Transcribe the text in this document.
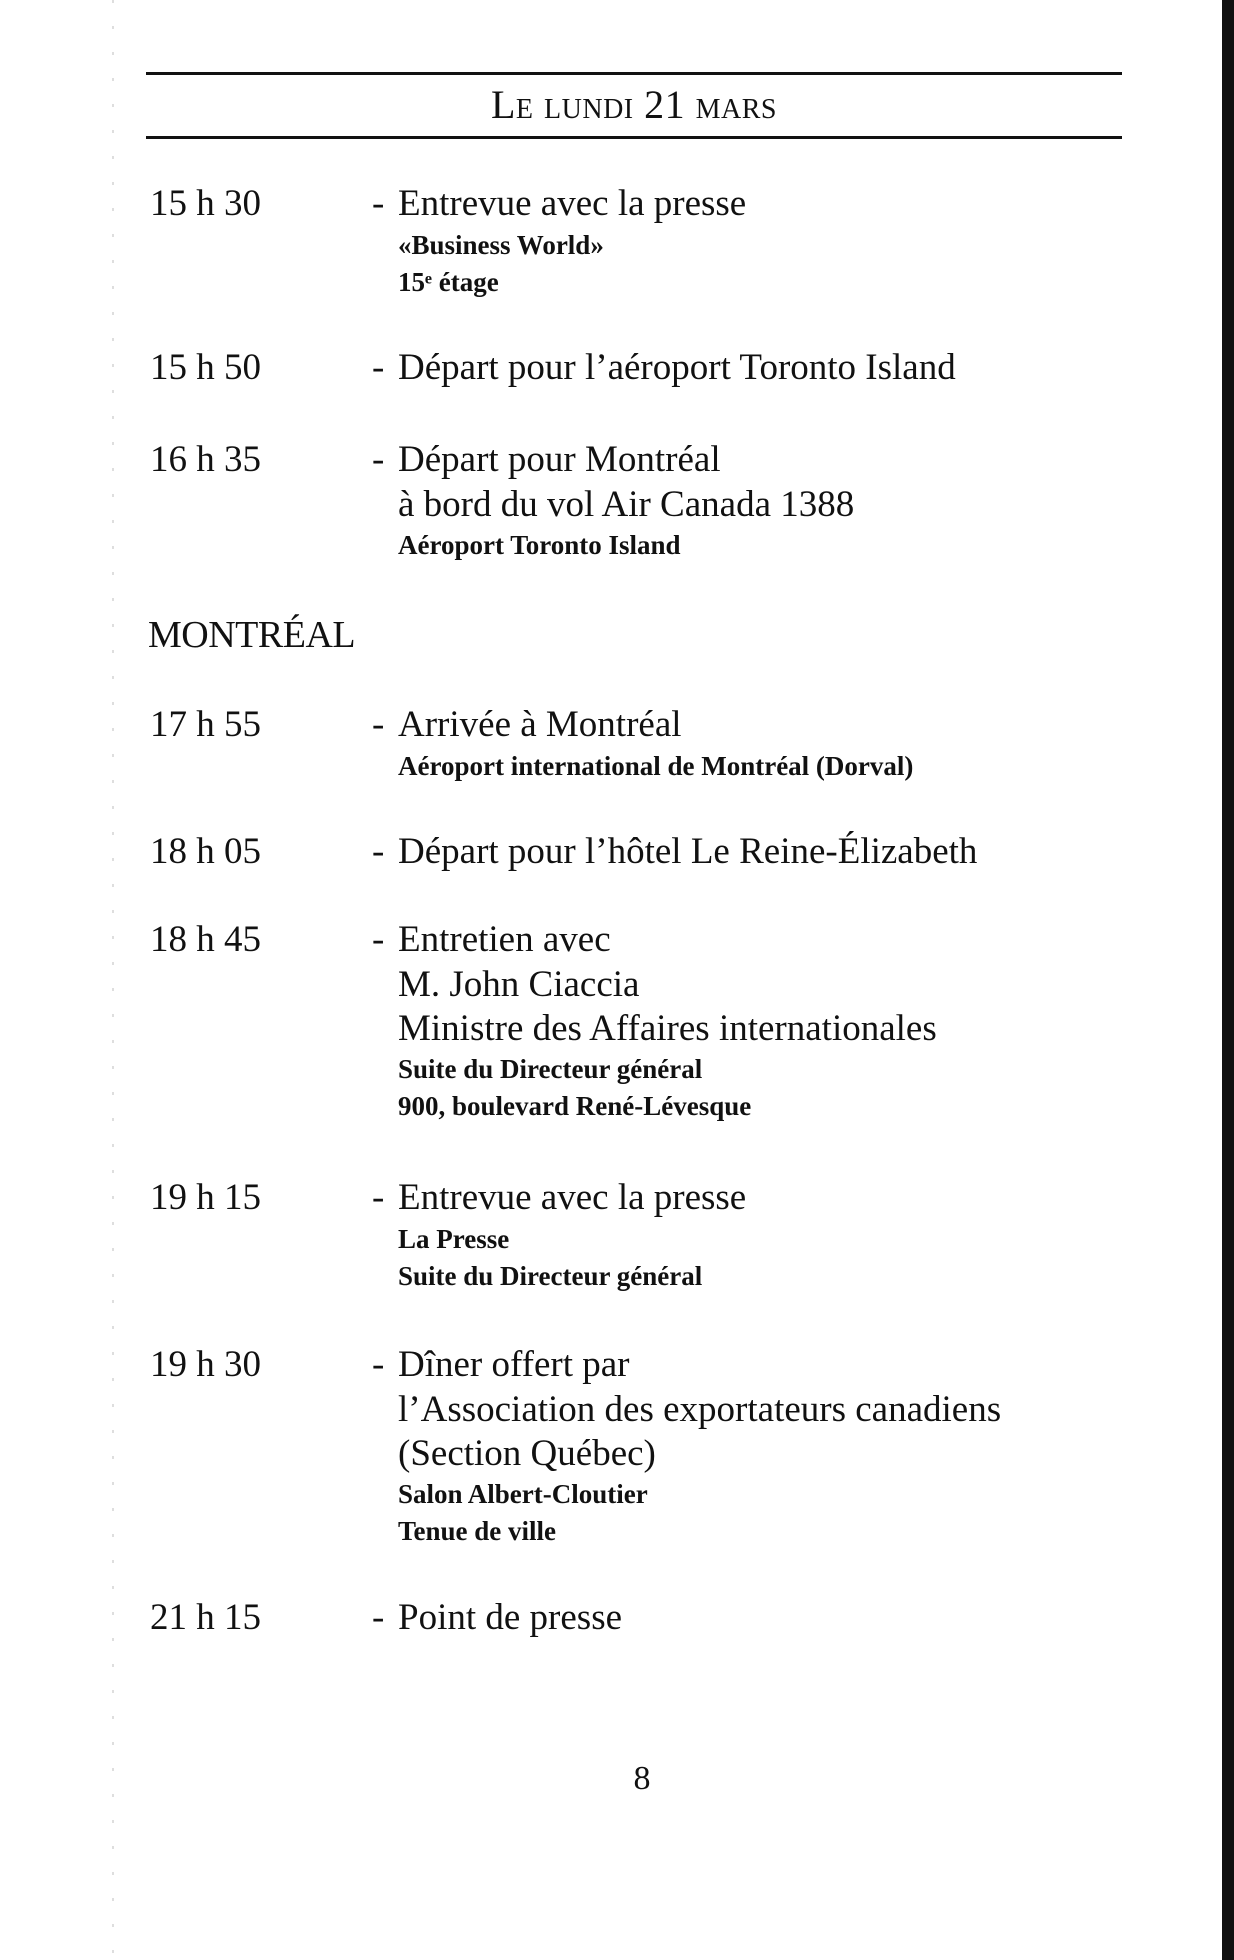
Le lundi 21 mars
15 h 30	- Entrevue avec la presse
«Business World»
15ᵉ étage
15 h 50	- Départ pour l’aéroport Toronto Island
16 h 35	- Départ pour Montréal
à bord du vol Air Canada 1388
Aéroport Toronto Island
MONTRÉAL
17 h 55	- Arrivée à Montréal
Aéroport international de Montréal (Dorval)
18 h 05	- Départ pour l’hôtel Le Reine-Élizabeth
18 h 45	- Entretien avec
M. John Ciaccia
Ministre des Affaires internationales
Suite du Directeur général
900, boulevard René-Lévesque
19 h 15	- Entrevue avec la presse
La Presse
Suite du Directeur général
19 h 30	- Dîner offert par
l’Association des exportateurs canadiens
(Section Québec)
Salon Albert-Cloutier
Tenue de ville
21 h 15	- Point de presse
8
